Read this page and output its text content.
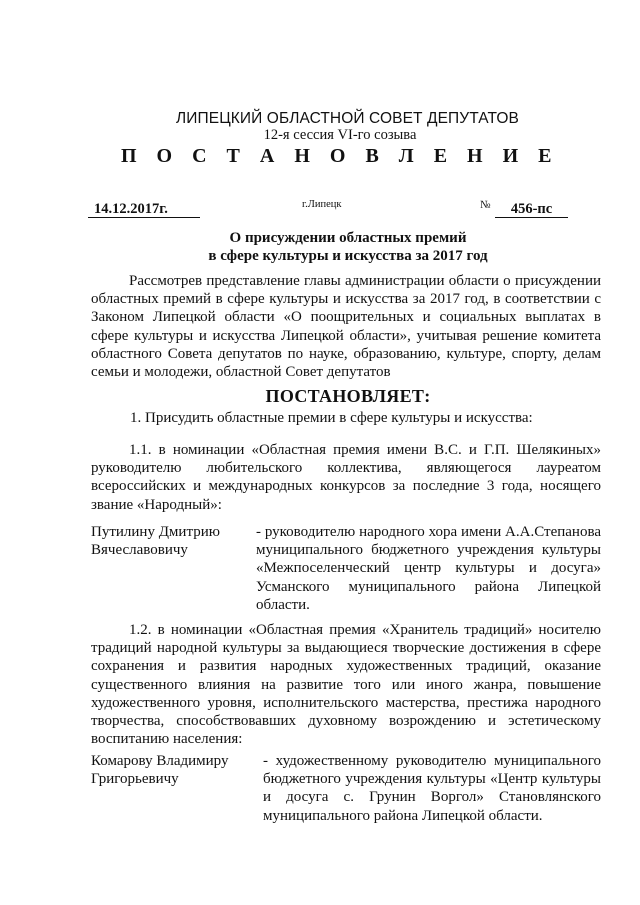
ЛИПЕЦКИЙ ОБЛАСТНОЙ СОВЕТ ДЕПУТАТОВ
12-я сессия VI-го созыва
П О С Т А Н О В Л Е Н И Е
14.12.2017г.	г.Липецк	№	456-пс
О присуждении областных премий
в сфере культуры и искусства за 2017 год
Рассмотрев представление главы администрации области о присуждении областных премий в сфере культуры и искусства за 2017 год, в соответствии с Законом Липецкой области «О поощрительных и социальных выплатах в сфере культуры и искусства Липецкой области», учитывая решение комитета областного Совета депутатов по науке, образованию, культуре, спорту, делам семьи и молодежи, областной Совет депутатов
ПОСТАНОВЛЯЕТ:
1. Присудить областные премии в сфере культуры и искусства:
1.1. в номинации «Областная премия имени В.С. и Г.П. Шелякиных» руководителю любительского коллектива, являющегося лауреатом всероссийских и международных конкурсов за последние 3 года, носящего звание «Народный»:
Путилину Дмитрию
Вячеславовичу
- руководителю народного хора имени А.А.Степанова муниципального бюджетного учреждения культуры «Межпоселенческий центр культуры и досуга» Усманского муниципального района Липецкой области.
1.2. в номинации «Областная премия «Хранитель традиций» носителю традиций народной культуры за выдающиеся творческие достижения в сфере сохранения и развития народных художественных традиций, оказание существенного влияния на развитие того или иного жанра, повышение художественного уровня, исполнительского мастерства, престижа народного творчества, способствовавших духовному возрождению и эстетическому воспитанию населения:
Комарову Владимиру
Григорьевичу
- художественному руководителю муниципального бюджетного учреждения культуры «Центр культуры и досуга с. Грунин Воргол» Становлянского муниципального района Липецкой области.
